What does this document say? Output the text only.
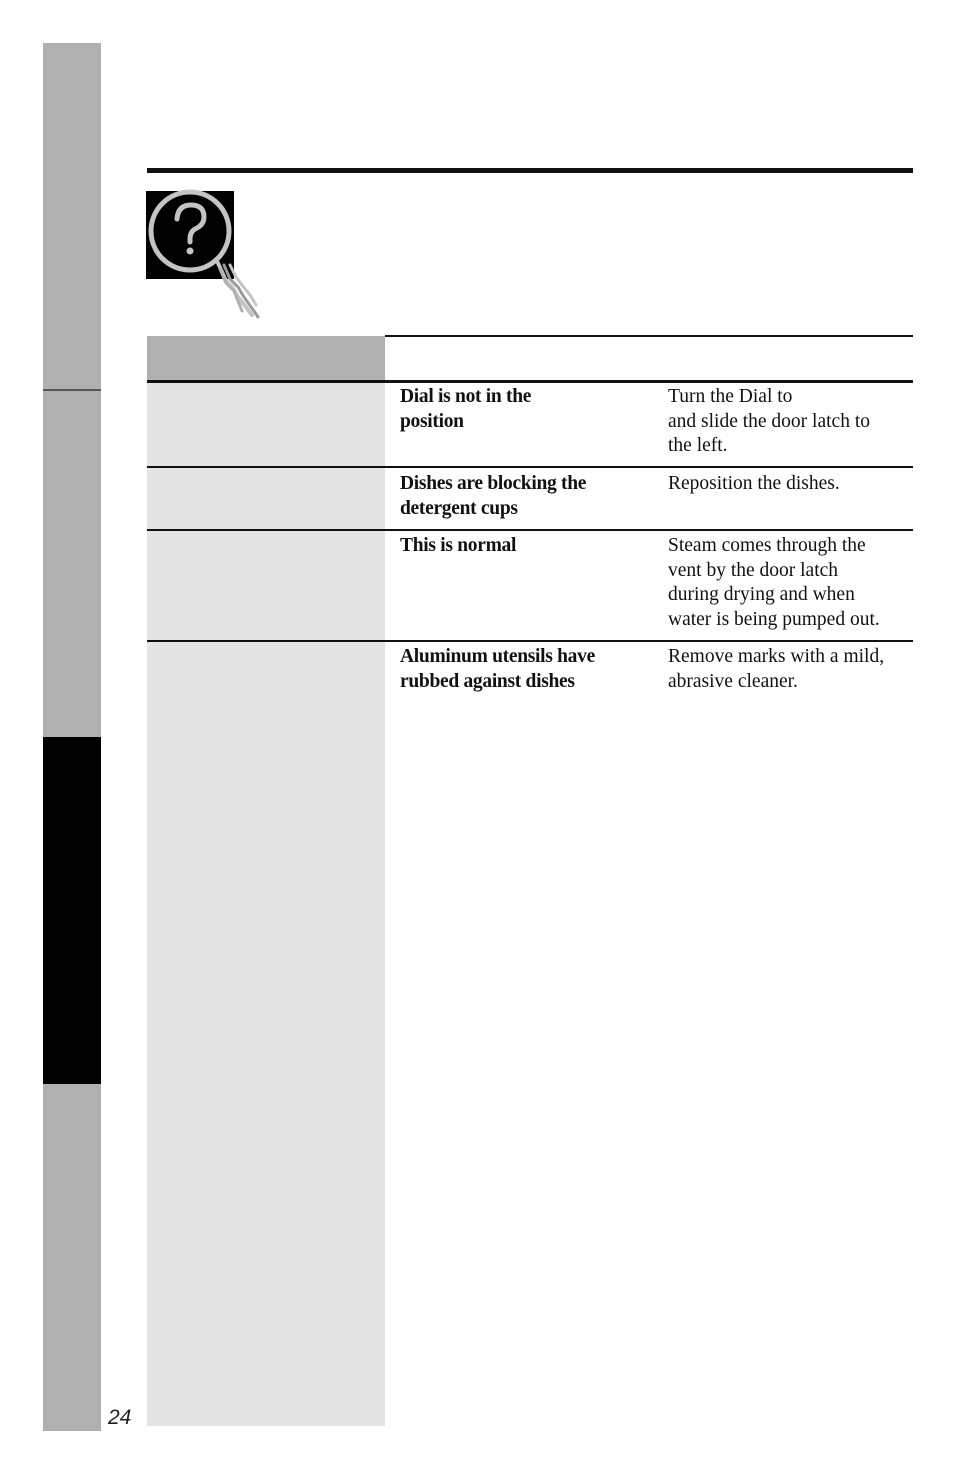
24
Dial is not in the
position
Turn the Dial to
and slide the door latch to
the left.
Dishes are blocking the
detergent cups
Reposition the dishes.
This is normal	Steam comes through the
vent by the door latch
during drying and when
water is being pumped out.
Aluminum utensils have
rubbed against dishes
Remove marks with a mild,
abrasive cleaner.
